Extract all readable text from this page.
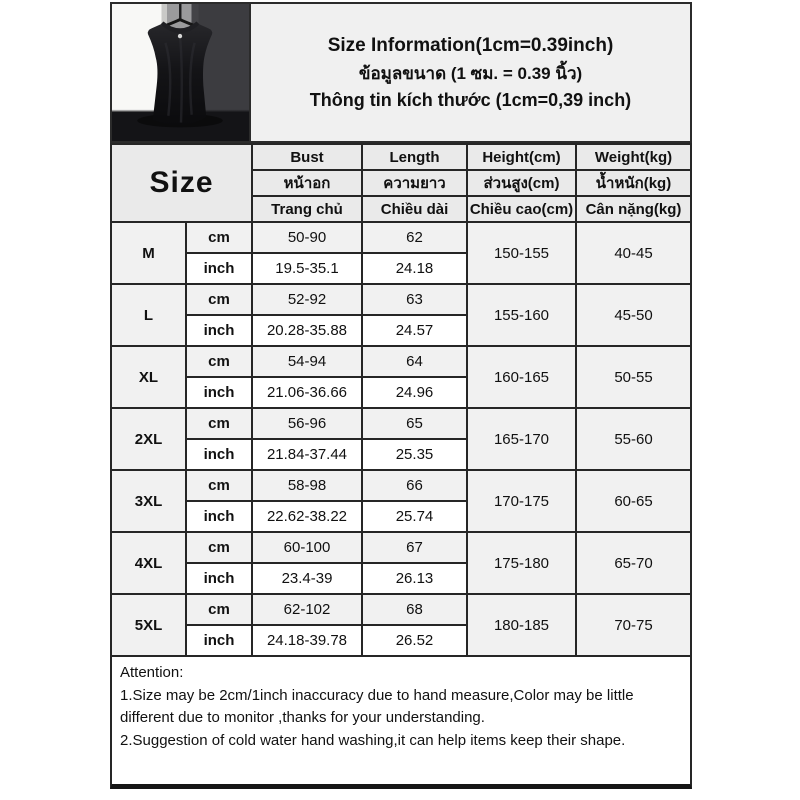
Size Information(1cm=0.39inch)
ข้อมูลขนาด (1 ซม. = 0.39 นิ้ว)
Thông tin kích thước (1cm=0,39 inch)
Size		Bust	Length	Height(cm)	Weight(kg)
		หน้าอก	ความยาว	ส่วนสูง(cm)	น้ำหนัก(kg)
		Trang chủ	Chiều dài	Chiều cao(cm)	Cân nặng(kg)
M	cm	50-90	62	150-155	40-45
	inch	19.5-35.1	24.18		
L	cm	52-92	63	155-160	45-50
	inch	20.28-35.88	24.57		
XL	cm	54-94	64	160-165	50-55
	inch	21.06-36.66	24.96		
2XL	cm	56-96	65	165-170	55-60
	inch	21.84-37.44	25.35		
3XL	cm	58-98	66	170-175	60-65
	inch	22.62-38.22	25.74		
4XL	cm	60-100	67	175-180	65-70
	inch	23.4-39	26.13		
5XL	cm	62-102	68	180-185	70-75
	inch	24.18-39.78	26.52		
Attention:
1.Size may be 2cm/1inch inaccuracy due to hand measure,Color may be little different due to monitor ,thanks for your understanding.
2.Suggestion of cold water hand washing,it can help items keep their shape.
